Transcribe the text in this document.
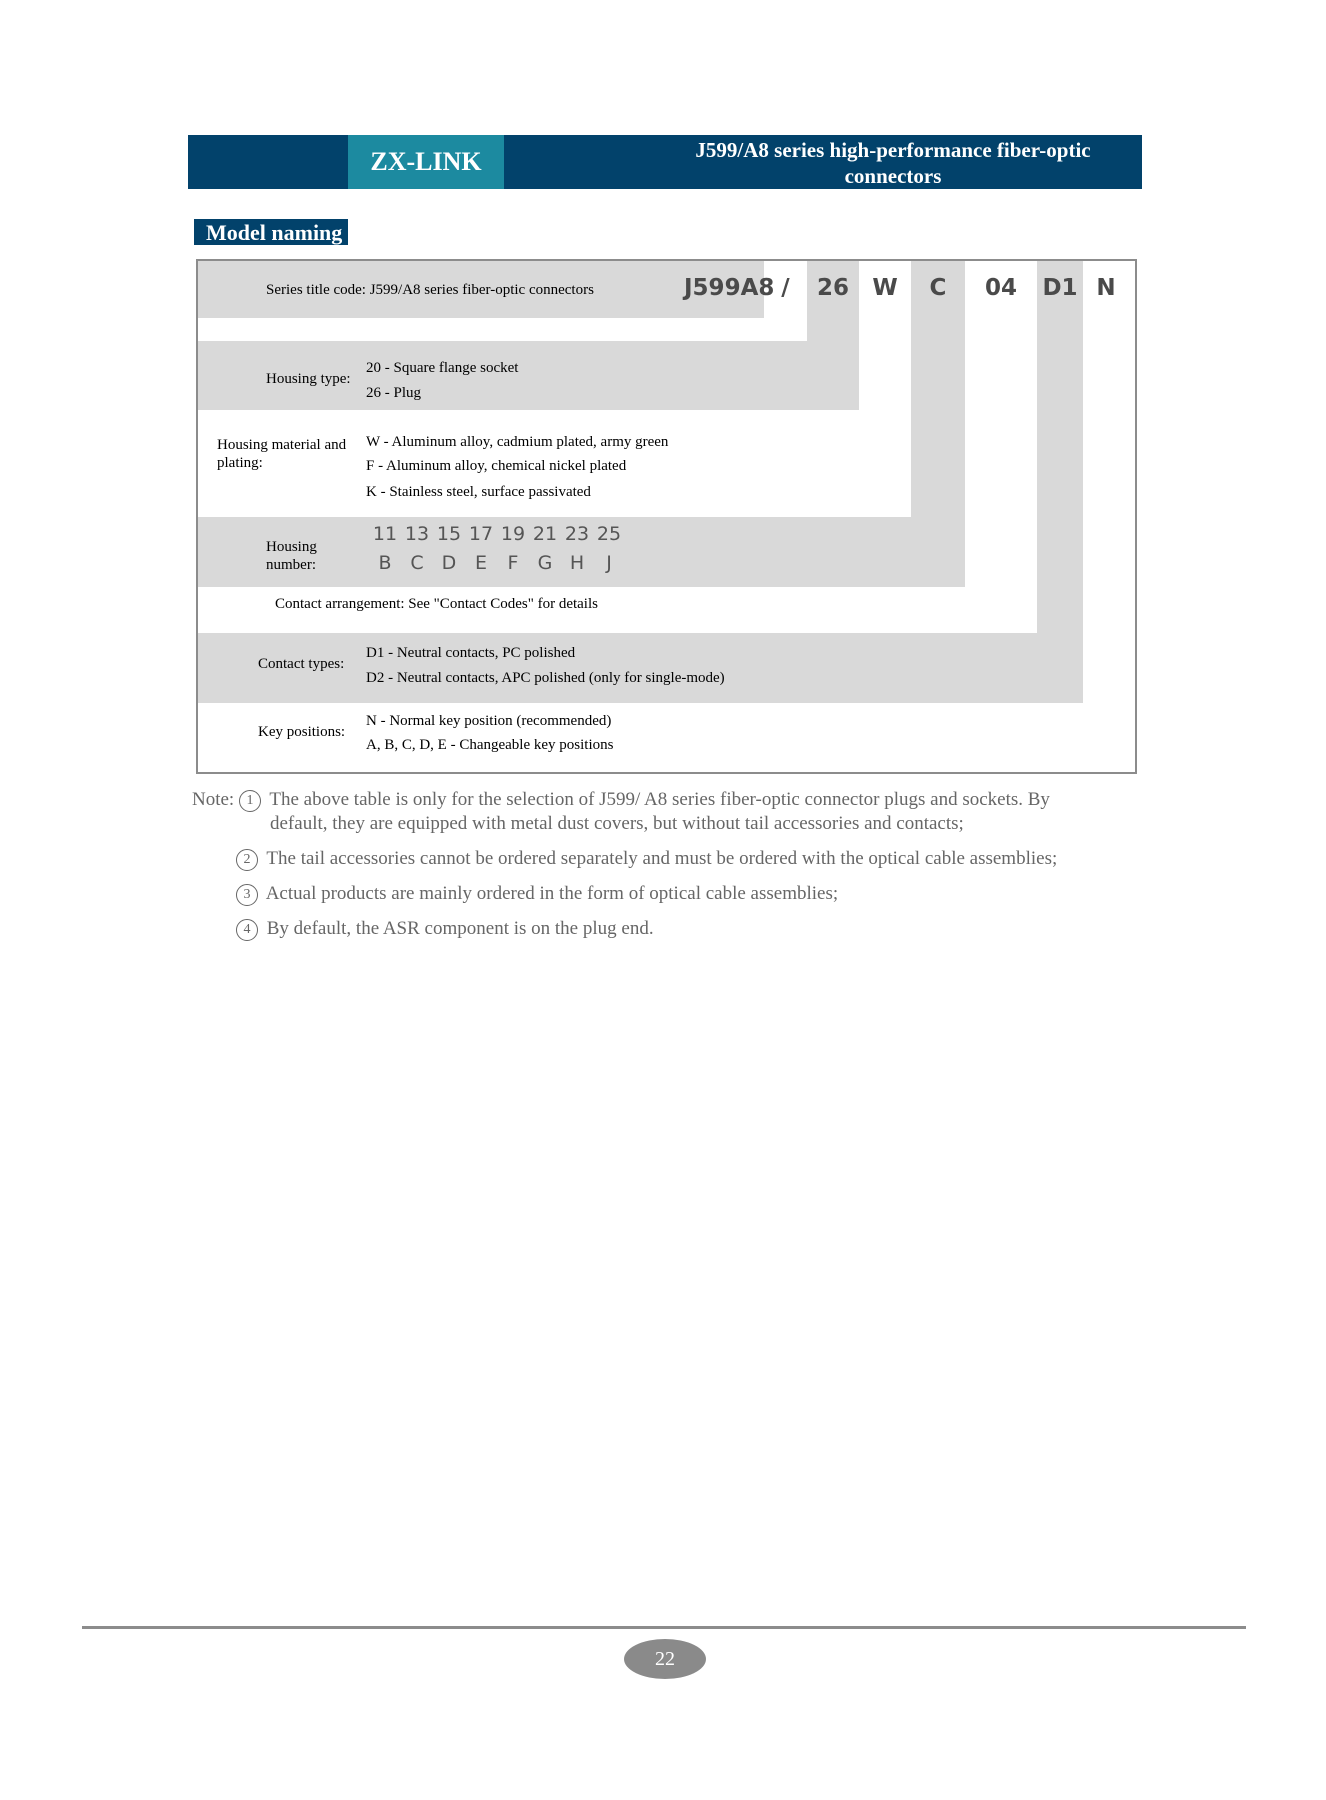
ZX-LINK	J599/A8 series high-performance fiber-optic
connectors
Model naming
J599A8 /	26	W	C	04	D1 N
Series title code: J599/A8 series fiber-optic connectors
Housing type:
20 - Square flange socket
26 - Plug
Housing material and
plating:
W - Aluminum alloy, cadmium plated, army green
F - Aluminum alloy, chemical nickel plated
K - Stainless steel, surface passivated
Housing
number:
11 13 15 17 19 21 23 25
B C D E F G H J
Contact arrangement: See "Contact Codes" for details
Contact types:
D1 - Neutral contacts, PC polished
D2 - Neutral contacts, APC polished (only for single-mode)
Key positions:
N - Normal key position (recommended)
A, B, C, D, E - Changeable key positions
Note: 1 The above table is only for the selection of J599/ A8 series fiber-optic connector plugs and sockets. By
default, they are equipped with metal dust covers, but without tail accessories and contacts;
2 The tail accessories cannot be ordered separately and must be ordered with the optical cable assemblies;
3 Actual products are mainly ordered in the form of optical cable assemblies;
4 By default, the ASR component is on the plug end.
22
